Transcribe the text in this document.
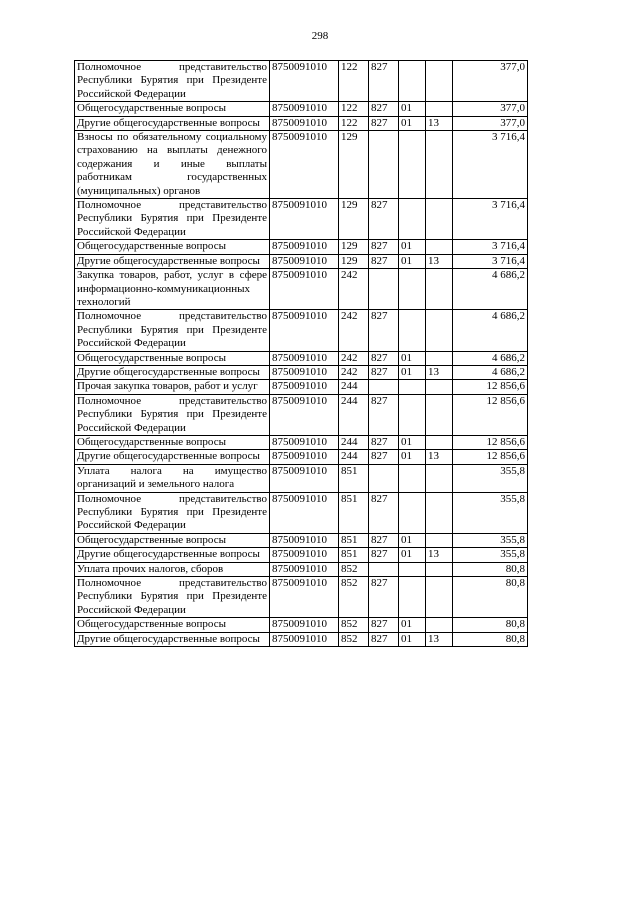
298
Полномочное представительство Республики Бурятия при Президенте Российской Федерации	8750091010	122	827			377,0	
Общегосударственные вопросы	8750091010	122	827	01		377,0	
Другие общегосударственные вопросы	8750091010	122	827	01	13	377,0	
Взносы по обязательному социальному страхованию на выплаты денежного содержания и иные выплаты работникам государственных (муниципальных) органов	8750091010	129				3 716,4	
Полномочное представительство Республики Бурятия при Президенте Российской Федерации	8750091010	129	827			3 716,4	
Общегосударственные вопросы	8750091010	129	827	01		3 716,4	
Другие общегосударственные вопросы	8750091010	129	827	01	13	3 716,4	
Закупка товаров, работ, услуг в сфере информационно-коммуникационных технологий	8750091010	242				4 686,2	
Полномочное представительство Республики Бурятия при Президенте Российской Федерации	8750091010	242	827			4 686,2	
Общегосударственные вопросы	8750091010	242	827	01		4 686,2	
Другие общегосударственные вопросы	8750091010	242	827	01	13	4 686,2	
Прочая закупка товаров, работ и услуг	8750091010	244				12 856,6	
Полномочное представительство Республики Бурятия при Президенте Российской Федерации	8750091010	244	827			12 856,6	
Общегосударственные вопросы	8750091010	244	827	01		12 856,6	
Другие общегосударственные вопросы	8750091010	244	827	01	13	12 856,6	
Уплата налога на имущество организаций и земельного налога	8750091010	851				355,8	
Полномочное представительство Республики Бурятия при Президенте Российской Федерации	8750091010	851	827			355,8	
Общегосударственные вопросы	8750091010	851	827	01		355,8	
Другие общегосударственные вопросы	8750091010	851	827	01	13	355,8	
Уплата прочих налогов, сборов	8750091010	852				80,8	
Полномочное представительство Республики Бурятия при Президенте Российской Федерации	8750091010	852	827			80,8	
Общегосударственные вопросы	8750091010	852	827	01		80,8	
Другие общегосударственные вопросы	8750091010	852	827	01	13	80,8	
